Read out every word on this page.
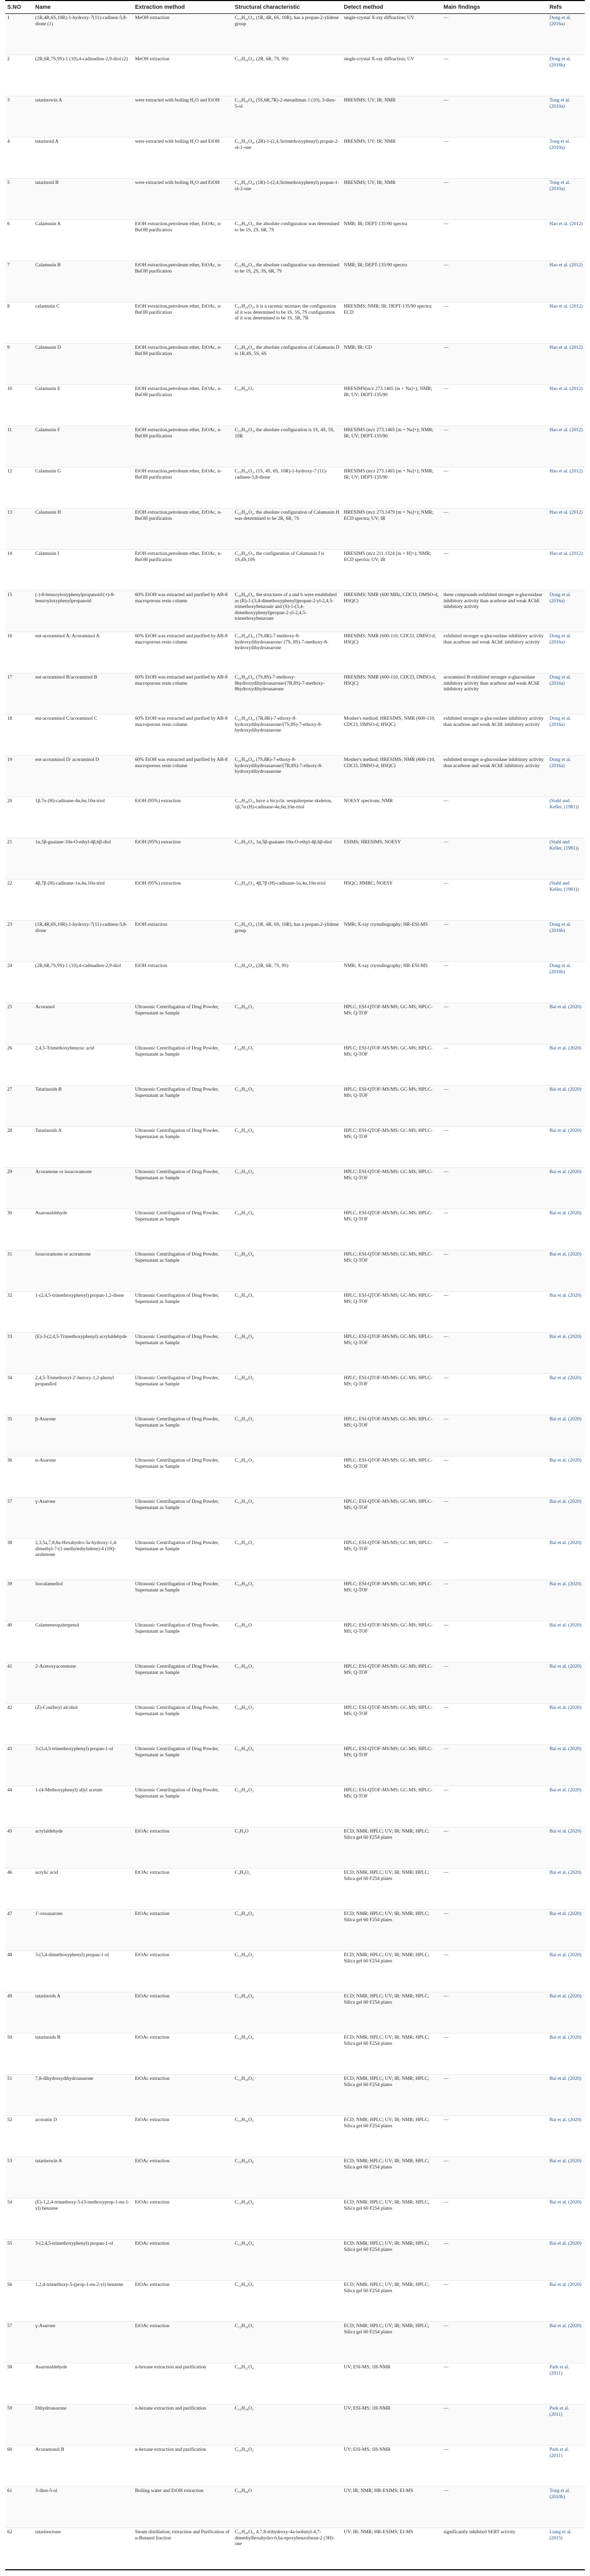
S.NO	Name	Extraction method	Structural characteristic	Detect method	Main findings	Refs
1	(1R,4R,6S,10R)-1-hydroxy-7(11)-cadinen-5,8-dione (1)	MeOH extraction	C₁₅H₂₂O₃, (1R, 4R, 6S, 10R), has a propan-2-ylidene group	single-crystal X-ray diffraction; UV	—	Dong et al. (2016a)
2	(2R,6R,7S,9S)-1 (10),4-cadinadien-2,9-diol (2)	MeOH extraction	C₁₅H₂₄O₂, (2R, 6R, 7S, 9S)	single-crystal X-ray diffraction; UV	—	Dong et al. (2016b)
3	tatarinowin A	were extracted with boiling H₂O and EtOH	C₁₅H₂₀O₄, (5S,6R,7R)-2-mesadiman 1 (10), 3-dien-5-ol	HRESIMS; UV; IR; NMR	—	Tong et al. (2010a)
4	tatarinoid A	were extracted with boiling H₂O and EtOH	C₁₂H₁₆O₄, (2R)-1-(2,4,5trimethoxyphenyl) propan-2-ol-1-one	HRESIMS; UV; IR; NMR	—	Tong et al. (2010a)
5	tatarinoid B	were extracted with boiling H₂O and EtOH	C₁₂H₁₆O₄, (1R)-1-(2,4,5trimethoxyphenyl) propan-1-ol-2-one	HRESIMS; UV; IR; NMR	—	Tong et al. (2010a)
6	Calamusin A	EtOH extraction,petroleum ether, EtOAc, n-BuOH purification	C₁₅H₂₄O₂, the absolute configuration was determined to be 1S, 2S, 6R, 7S	NMR; IR; DEPT-135/90 spectra	—	Hao et al. (2012)
7	Calamusin B	EtOH extraction,petroleum ether, EtOAc, n-BuOH purification	C₁₅H₂₄O₂, the absolute configuration was determined to be 1S, 2S, 3S, 6R, 7S	NMR; IR; DEPT-135/90 spectra	—	Hao et al. (2012)
8	calamusin C	EtOH extraction,petroleum ether, EtOAc, n-BuOH purification	C₁₅H₂₄O₂, it is a racemic mixture; the configuration of it was determined to be 1S, 5S, 7S configuration of it was determined to be 1S, 5R, 7R	HRESIMS; NMR; IR; DEPT-135/90 spectra; ECD	—	Hao et al. (2012)
9	Calamusin D	EtOH extraction,petroleum ether, EtOAc, n-BuOH purification	C₁₅H₂₄O₂, the absolute configuration of Calamusin D is 1R,4S, 5S, 6S	NMR; IR; CD	—	Hao et al. (2012)
10	Calamusin E	EtOH extraction,petroleum ether, EtOAc, n-BuOH purification	C₁₅H₂₆O₃	HRESIMS(m/z 273.1465 [m + Na]+); NMR; IR; UV; DEPT-135/90	—	Hao et al. (2012)
11	Calamusin F	EtOH extraction,petroleum ether, EtOAc, n-BuOH purification	C₁₅H₂₆O₃, the absolute configuration is 1S, 4S, 5S, 10R	HRESIMS (m/z 273.1465 [m + Na]+); NMR; IR; UV; DEPT-135/90	—	Hao et al. (2012)
12	Calamusin G	EtOH extraction,petroleum ether, EtOAc, n-BuOH purification	C₁₅H₂₆O₃, (1S, 4S, 6S, 10R)-1-hydroxy-7 (11)-cadinen-5,8-dione	HRESIMS (m/z 273.1465 [m + Na]+); NMR; IR; UV; DEPT-135/90	—	Hao et al. (2012)
13	Calamusin H	EtOH extraction,petroleum ether, EtOAc, n-BuOH purification	C₁₅H₂₄O₂, the absolute configuration of Calamusin H was determined to be 2R, 6R, 7S	HRESIMS (m/z 273.1479 [m + Na]+); NMR; ECD spectra; UV; IR	—	Hao et al. (2012)
14	Calamusin I	EtOH extraction,petroleum ether, EtOAc, n-BuOH purification	C₁₅H₂₆O₃, the configuration of Calamusin I is 1S,4S,10S	HRESIMS (m/z 211.1324 [m + H]+); NMR; ECD spectra; UV; IR	—	Hao et al. (2012)
15	(-)-8-benzoyloxyphenylpropanoid/(+)-8-benzoyloxyphenylpropanoid	60% EtOH was extracted and purified by AB-8 macroporous resin column	C₂₀H₂₄O₆, the structures of a and b were established as (R)-1-(3,4-dimethoxyphenyl)propan-2-yl-2,4,5-trimethoxybenzoate and (S)-1-(3,4-dimethoxyphenyl)propan-2-yl-2,4,5-trimethoxybenzoate	HRESIMS; NMR (600 MHz, CDCl3, DMSO-d, HSQC)	these compounds exhibited stronger α-glucosidase inhibitory activity than acarbose and weak AChE inhibitory activity	Dong et al. (2016a)
16	ent-acoraminol A/ Acoraminol A	60% EtOH was extracted and purified by AB-8 macroporous resin column	C₂₁H₂₈O₆, (7S,8R)-7-methoxy-8-hydroxydihydroasarone/ (7S, 8S)-7-methoxy-8-hydroxydihydroasarone	HRESIMS; NMR (600-110, CDCl3, DMSO-d, HSQC)	exhibited stronger α-glucosidase inhibitory activity than acarbose and weak AChE inhibitory activity	Dong et al. (2016a)
17	ent-acoraminol B/acoraminol B	60% EtOH was extracted and purified by AB-8 macroporous resin column	C₂₁H₂₈O₆, (7S,8S)-7-methoxy-8hydroxydihydroasarone/(7R,8S)-7-methoxy-8hydroxydihydroasarone	HRESIMS; NMR (600-110, CDCl3, DMSO-d, HSQC)	acoraminol B exhibited stronger α-glucosidase inhibitory activity than acarbose and weak AChE inhibitory activity	Dong et al. (2016a)
18	ent-acoraminol C/acoraminol C	60% EtOH was extracted and purified by AB-8 macroporous resin column	C₂₁H₂₈O₆, (7R,8R)-7-ethoxy-8-hydroxydihydroasarone/(7S,8S)-7-ethoxy-8-hydroxydihydroasarone	Mosher's method; HRESIMS; NMR (600-110, CDCl3, DMSO-d, HSQC)	exhibited stronger α-glucosidase inhibitory activity than acarbose and weak AChE inhibitory activity	Dong et al. (2016a)
19	ent-acoraminol D/ acoraminol D	60% EtOH was extracted and purified by AB-8 macroporous resin column	C₂₁H₂₈O₆, (7S,8R)-7-ethoxy-8-hydroxydihydroasarone/(7R,8S)-7-ethoxy-8-hydroxydihydroasarone	Mosher's method; HRESIMS; NMR (600-110, CDCl3, DMSO-d, HSQC)	exhibited stronger α-glucosidase inhibitory activity than acarbose and weak AChE inhibitory activity	Dong et al. (2016a)
20	1β,7α (H)-cadinane-4α,6α,10α-triol	EtOH (95%) extraction	C₁₅H₂₈O₃, have a bicyclic sesquiterpene skeleton, 1β,7α (H)-cadinane-4α,6α,10α-triol	NOESY spectrum; NMR	—	(Stahl and Keller, (1981))
21	1α,5β-guaiane-10α-O-ethyl-4β,6β-diol	EtOH (95%) extraction	C₁₇H₃₂O₃, 1α,5β-guaiane-10α-O-ethyl-4β,6β-diol	ESIMS; HRESIMS; NOESY	—	(Stahl and Keller, (1981))
22	4β,7β (H)-cadinane-1α,4α,10α-triol	EtOH (95%) extraction	C₁₅H₂₈O₃, 4β,7β (H)-cadinane-1α,4α,10α-triol	HSQC; HMBC; NOESY	—	(Stahl and Keller, (1981))
23	(1R,4R,6S,10R)-1-hydroxy-7(11)-cadinen-5,8-dione	EtOH extraction	C₁₅H₂₂O₃, (1R, 4R, 6S, 10R), has a propan-2-ylidene group	NMR; X-ray crystallography; HR-ESI-MS	—	Dong et al. (2016b)
24	(2R,6R,7S,9S)-1 (10),4-cadinadien-2,9-diol	EtOH extraction	C₁₅H₂₄O₂, (2R, 6R, 7S, 9S)	NMR; X-ray crystallography; HR-ESI-MS	—	Dong et al. (2016b)
25	Acoramol	Ultrasonic Centrifugation of Drug Powder, Supernatant as Sample	C₁₅H₂₆O₂	HPLC; ESI-QTOF-MS/MS; GC-MS; HPLC-MS; Q-TOF	—	Bai et al. (2020)
26	2,4,5-Trimethoxybenzoic acid	Ultrasonic Centrifugation of Drug Powder, Supernatant as Sample	C₁₀H₁₂O₅	HPLC; ESI-QTOF-MS/MS; GC-MS; HPLC-MS; Q-TOF	—	Bai et al. (2020)
27	Tatarinoids B	Ultrasonic Centrifugation of Drug Powder, Supernatant as Sample	C₁₂H₁₆O₄	HPLC; ESI-QTOF-MS/MS; GC-MS; HPLC-MS; Q-TOF	—	Bai et al. (2020)
28	Tatarinoids A	Ultrasonic Centrifugation of Drug Powder, Supernatant as Sample	C₁₂H₁₆O₄	HPLC; ESI-QTOF-MS/MS; GC-MS; HPLC-MS; Q-TOF	—	Bai et al. (2020)
29	Acoramone or isoacoramone	Ultrasonic Centrifugation of Drug Powder, Supernatant as Sample	C₁₂H₁₆O₄	HPLC; ESI-QTOF-MS/MS; GC-MS; HPLC-MS; Q-TOF	—	Bai et al. (2020)
30	Asaronaldehyde	Ultrasonic Centrifugation of Drug Powder, Supernatant as Sample	C₁₀H₁₂O₄	HPLC; ESI-QTOF-MS/MS; GC-MS; HPLC-MS; Q-TOF	—	Bai et al. (2020)
31	Isoacoramone or acoramone	Ultrasonic Centrifugation of Drug Powder, Supernatant as Sample	C₁₂H₁₆O₄	HPLC; ESI-QTOF-MS/MS; GC-MS; HPLC-MS; Q-TOF	—	Bai et al. (2020)
32	1-(2,4,5-trimethoxyphenyl) propan-1,2-dione	Ultrasonic Centrifugation of Drug Powder, Supernatant as Sample	C₁₂H₁₄O₅	HPLC; ESI-QTOF-MS/MS; GC-MS; HPLC-MS; Q-TOF	—	Bai et al. (2020)
33	(E)-3-(2,4,5-Trimethoxyphenyl) acrylaldehyde	Ultrasonic Centrifugation of Drug Powder, Supernatant as Sample	C₁₂H₁₄O₄	HPLC; ESI-QTOF-MS/MS; GC-MS; HPLC-MS; Q-TOF	—	Bai et al. (2020)
34	2,4,5-Trimethoxyl-2'-butoxy-1,2-phenyl propandiol	Ultrasonic Centrifugation of Drug Powder, Supernatant as Sample	C₁₆H₂₆O₅	HPLC; ESI-QTOF-MS/MS; GC-MS; HPLC-MS; Q-TOF	—	Bai et al. (2020)
35	β-Asarone	Ultrasonic Centrifugation of Drug Powder, Supernatant as Sample	C₁₂H₁₆O₃	HPLC; ESI-QTOF-MS/MS; GC-MS; HPLC-MS; Q-TOF	—	Bai et al. (2020)
36	α-Asarone	Ultrasonic Centrifugation of Drug Powder, Supernatant as Sample	C₁₂H₁₆O₃	HPLC; ESI-QTOF-MS/MS; GC-MS; HPLC-MS; Q-TOF	—	Bai et al. (2020)
37	γ-Asarone	Ultrasonic Centrifugation of Drug Powder, Supernatant as Sample	C₁₂H₁₆O₃	HPLC; ESI-QTOF-MS/MS; GC-MS; HPLC-MS; Q-TOF	—	Bai et al. (2020)
38	2,3,5a,7,8,8a-Hexahydro-3a-hydroxy-1,4-dimethyl-7-(1-methylethylidene)-4 (1H)-azulenone	Ultrasonic Centrifugation of Drug Powder, Supernatant as Sample	C₁₅H₂₂O₂	HPLC; ESI-QTOF-MS/MS; GC-MS; HPLC-MS; Q-TOF	—	Bai et al. (2020)
39	Isocalamediol	Ultrasonic Centrifugation of Drug Powder, Supernatant as Sample	C₁₅H₂₆O₂	HPLC; ESI-QTOF-MS/MS; GC-MS; HPLC-MS; Q-TOF	—	Bai et al. (2020)
40	Calamenesquiterpenol	Ultrasonic Centrifugation of Drug Powder, Supernatant as Sample	C₁₅H₂₂O	HPLC; ESI-QTOF-MS/MS; GC-MS; HPLC-MS; Q-TOF	—	Bai et al. (2020)
41	2-Acetoxyacorenone	Ultrasonic Centrifugation of Drug Powder, Supernatant as Sample	C₁₇H₂₆O₃	HPLC; ESI-QTOF-MS/MS; GC-MS; HPLC-MS; Q-TOF	—	Bai et al. (2020)
42	(Z)-Coniferyl alcohol	Ultrasonic Centrifugation of Drug Powder, Supernatant as Sample	C₁₀H₁₂O₃	HPLC; ESI-QTOF-MS/MS; GC-MS; HPLC-MS; Q-TOF	—	Bai et al. (2020)
43	3-(3,4,5-trimethoxyphenyl) propan-1-ol	Ultrasonic Centrifugation of Drug Powder, Supernatant as Sample	C₁₂H₁₈O₄	HPLC; ESI-QTOF-MS/MS; GC-MS; HPLC-MS; Q-TOF	—	Bai et al. (2020)
44	1-(4-Methoxyphenyl) allyl acetate	Ultrasonic Centrifugation of Drug Powder, Supernatant as Sample	C₁₂H₁₄O₃	HPLC; ESI-QTOF-MS/MS; GC-MS; HPLC-MS; Q-TOF	—	Bai et al. (2020)
45	acrylaldehyde	EtOAc extraction	C₃H₄O	ECD; NMR; HPLC; UV; IR; NMR; HPLC; Silica gel 60 F254 plates	—	Bai et al. (2020)
46	acrylic acid	EtOAc extraction	C₃H₄O₂	ECD; NMR; HPLC; UV; IR; NMR; HPLC; Silica gel 60 F254 plates	—	Bai et al. (2020)
47	1'-oxoasarone	EtOAc extraction	C₁₂H₁₄O₄	ECD; NMR; HPLC; UV; IR; NMR; HPLC; Silica gel 60 F254 plates	—	Bai et al. (2020)
48	3-(3,4-dimethoxyphenyl) propan-1-ol	EtOAc extraction	C₁₁H₁₆O₃	ECD; NMR; HPLC; UV; IR; NMR; HPLC; Silica gel 60 F254 plates	—	Bai et al. (2020)
49	tatarinoids A	EtOAc extraction	C₁₂H₁₆O₄	ECD; NMR; HPLC; UV; IR; NMR; HPLC; Silica gel 60 F254 plates	—	Bai et al. (2020)
50	tatarinoids B	EtOAc extraction	C₁₂H₁₆O₄	ECD; NMR; HPLC; UV; IR; NMR; HPLC; Silica gel 60 F254 plates	—	Bai et al. (2020)
51	7,8-dihydroxydihydroasarone	EtOAc extraction	C₁₂H₁₈O₅	ECD; NMR; HPLC; UV; IR; NMR; HPLC; Silica gel 60 F254 plates	—	Bai et al. (2020)
52	acoranin D	EtOAc extraction	C₁₅H₂₄O₂	ECD; NMR; HPLC; UV; IR; NMR; HPLC; Silica gel 60 F254 plates	—	Bai et al. (2020)
53	tatarinowin A	EtOAc extraction	C₁₅H₂₀O₄	ECD; NMR; HPLC; UV; IR; NMR; HPLC; Silica gel 60 F254 plates	—	Bai et al. (2020)
54	(E)-1,2,4-trimethoxy-5-(3-methoxyprop-1-en-1-yl) benzene	EtOAc extraction	C₁₃H₁₈O₄	ECD; NMR; HPLC; UV; IR; NMR; HPLC; Silica gel 60 F254 plates	—	Bai et al. (2020)
55	3-(2,4,5-trimethoxyphenyl) propan-1-ol	EtOAc extraction	C₁₂H₁₈O₄	ECD; NMR; HPLC; UV; IR; NMR; HPLC; Silica gel 60 F254 plates	—	Bai et al. (2020)
56	1,2,4-trimethoxy-5-(prop-1-en-2-yl) benzene	EtOAc extraction	C₁₂H₁₆O₃	ECD; NMR; HPLC; UV; IR; NMR; HPLC; Silica gel 60 F254 plates	—	Bai et al. (2020)
57	γ-Asarone	EtOAc extraction	C₁₂H₁₆O₃	ECD; NMR; HPLC; UV; IR; NMR; HPLC; Silica gel 60 F254 plates	—	Bai et al. (2020)
58	Asaronaldehyde	n-hexane extraction and purification	C₁₀H₁₂O₄	UV; ESI-MS; 1H-NMR	—	Park et al. (2011)
59	Dihydroasarone	n-hexane extraction and purification	C₁₂H₁₈O₃	UV; ESI-MS; 1H-NMR	—	Park et al. (2011)
60	Acoramonol B	n-hexane extraction and purification	C₁₅H₂₄O₂	UV; ESI-MS; 1H-NMR	—	Park et al. (2011)
61	3-dien-5-ol	Boiling water and EtOH extraction	C₁₅H₂₄O	UV; IR; NMR; HR-ESIMS; EI-MS	—	Tong et al. (2010b)
62	tatarinoctone	Steam distillation; extraction and Purification of n-Butanol fraction	C₂₁H₂₈O₆, 4,7,8-trihydroxy-4a-isobutyl-4,7-dimethylhexahydro-6,6a-epoxybenzofuran-2 (3H)-one	UV; IR; NMR; HR-ESIMS; EI-MS	significantly inhibited SERT activity	Liang et al. (2015)
